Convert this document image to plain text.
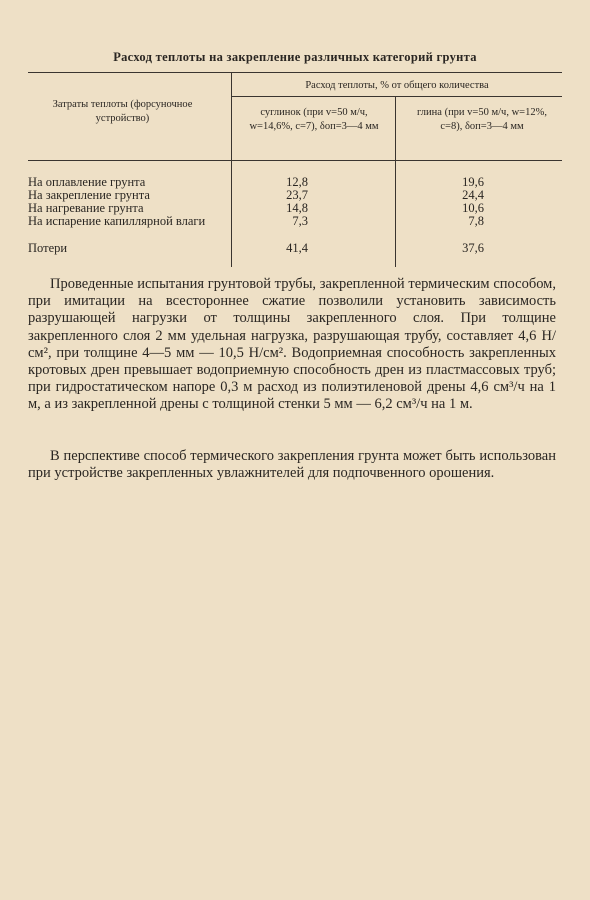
Расход теплоты на закрепление различных категорий грунта
Затраты теплоты (форсуночное устройство)
Расход теплоты, % от общего количества
суглинок (при v=50 м/ч, w=14,6%, c=7), δоп=3—4 мм
глина (при v=50 м/ч, w=12%, c=8), δоп=3—4 мм
На оплавление грунта	12,8	19,6
На закрепление грунта	23,7	24,4
На нагревание грунта	14,8	10,6
На испарение капиллярной влаги	7,3	7,8
Потери	41,4	37,6
Проведенные испытания грунтовой трубы, закрепленной термическим способом, при имитации на всестороннее сжатие позволили установить зависимость разрушающей нагрузки от толщины закрепленного слоя. При толщине закрепленного слоя 2 мм удельная нагрузка, разрушающая трубу, составляет 4,6 Н/см², при толщине 4—5 мм — 10,5 Н/см². Водоприемная способность закрепленных кротовых дрен превышает водоприемную способность дрен из пластмассовых труб; при гидростатическом напоре 0,3 м расход из полиэтиленовой дрены 4,6 см³/ч на 1 м, а из закрепленной дрены с толщиной стенки 5 мм — 6,2 см³/ч на 1 м.
В перспективе способ термического закрепления грунта может быть использован при устройстве закрепленных увлажнителей для подпочвенного орошения.
